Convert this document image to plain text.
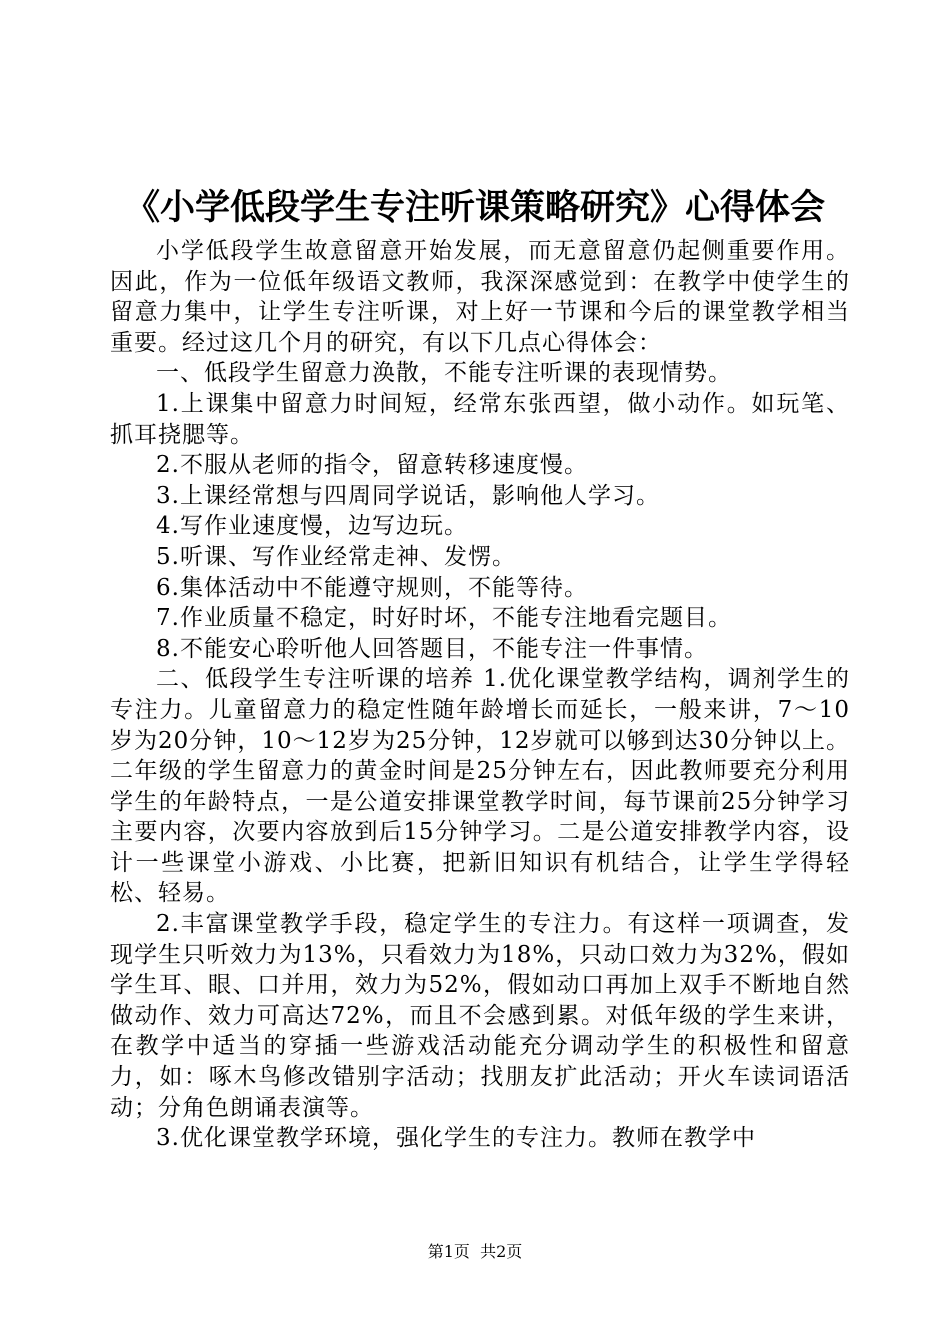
《小学低段学生专注听课策略研究》心得体会

小学低段学生故意留意开始发展，而无意留意仍起侧重要作用。因此，作为一位低年级语文教师，我深深感觉到：在教学中使学生的留意力集中，让学生专注听课，对上好一节课和今后的课堂教学相当重要。经过这几个月的研究，有以下几点心得体会：

一、低段学生留意力涣散，不能专注听课的表现情势。

1.上课集中留意力时间短，经常东张西望，做小动作。如玩笔、抓耳挠腮等。

2.不服从老师的指令，留意转移速度慢。

3.上课经常想与四周同学说话，影响他人学习。

4.写作业速度慢，边写边玩。

5.听课、写作业经常走神、发愣。

6.集体活动中不能遵守规则，不能等待。

7.作业质量不稳定，时好时坏，不能专注地看完题目。

8.不能安心聆听他人回答题目，不能专注一件事情。

二、低段学生专注听课的培养 1.优化课堂教学结构，调剂学生的专注力。儿童留意力的稳定性随年龄增长而延长，一般来讲，7～10岁为20分钟，10～12岁为25分钟，12岁就可以够到达30分钟以上。二年级的学生留意力的黄金时间是25分钟左右，因此教师要充分利用学生的年龄特点，一是公道安排课堂教学时间，每节课前25分钟学习主要内容，次要内容放到后15分钟学习。二是公道安排教学内容，设计一些课堂小游戏、小比赛，把新旧知识有机结合，让学生学得轻松、轻易。

2.丰富课堂教学手段，稳定学生的专注力。有这样一项调查，发现学生只听效力为13%，只看效力为18%，只动口效力为32%，假如学生耳、眼、口并用，效力为52%，假如动口再加上双手不断地自然做动作、效力可高达72%，而且不会感到累。对低年级的学生来讲，在教学中适当的穿插一些游戏活动能充分调动学生的积极性和留意力，如：啄木鸟修改错别字活动；找朋友扩此活动；开火车读词语活动；分角色朗诵表演等。

3.优化课堂教学环境，强化学生的专注力。教师在教学中

第1页  共2页
